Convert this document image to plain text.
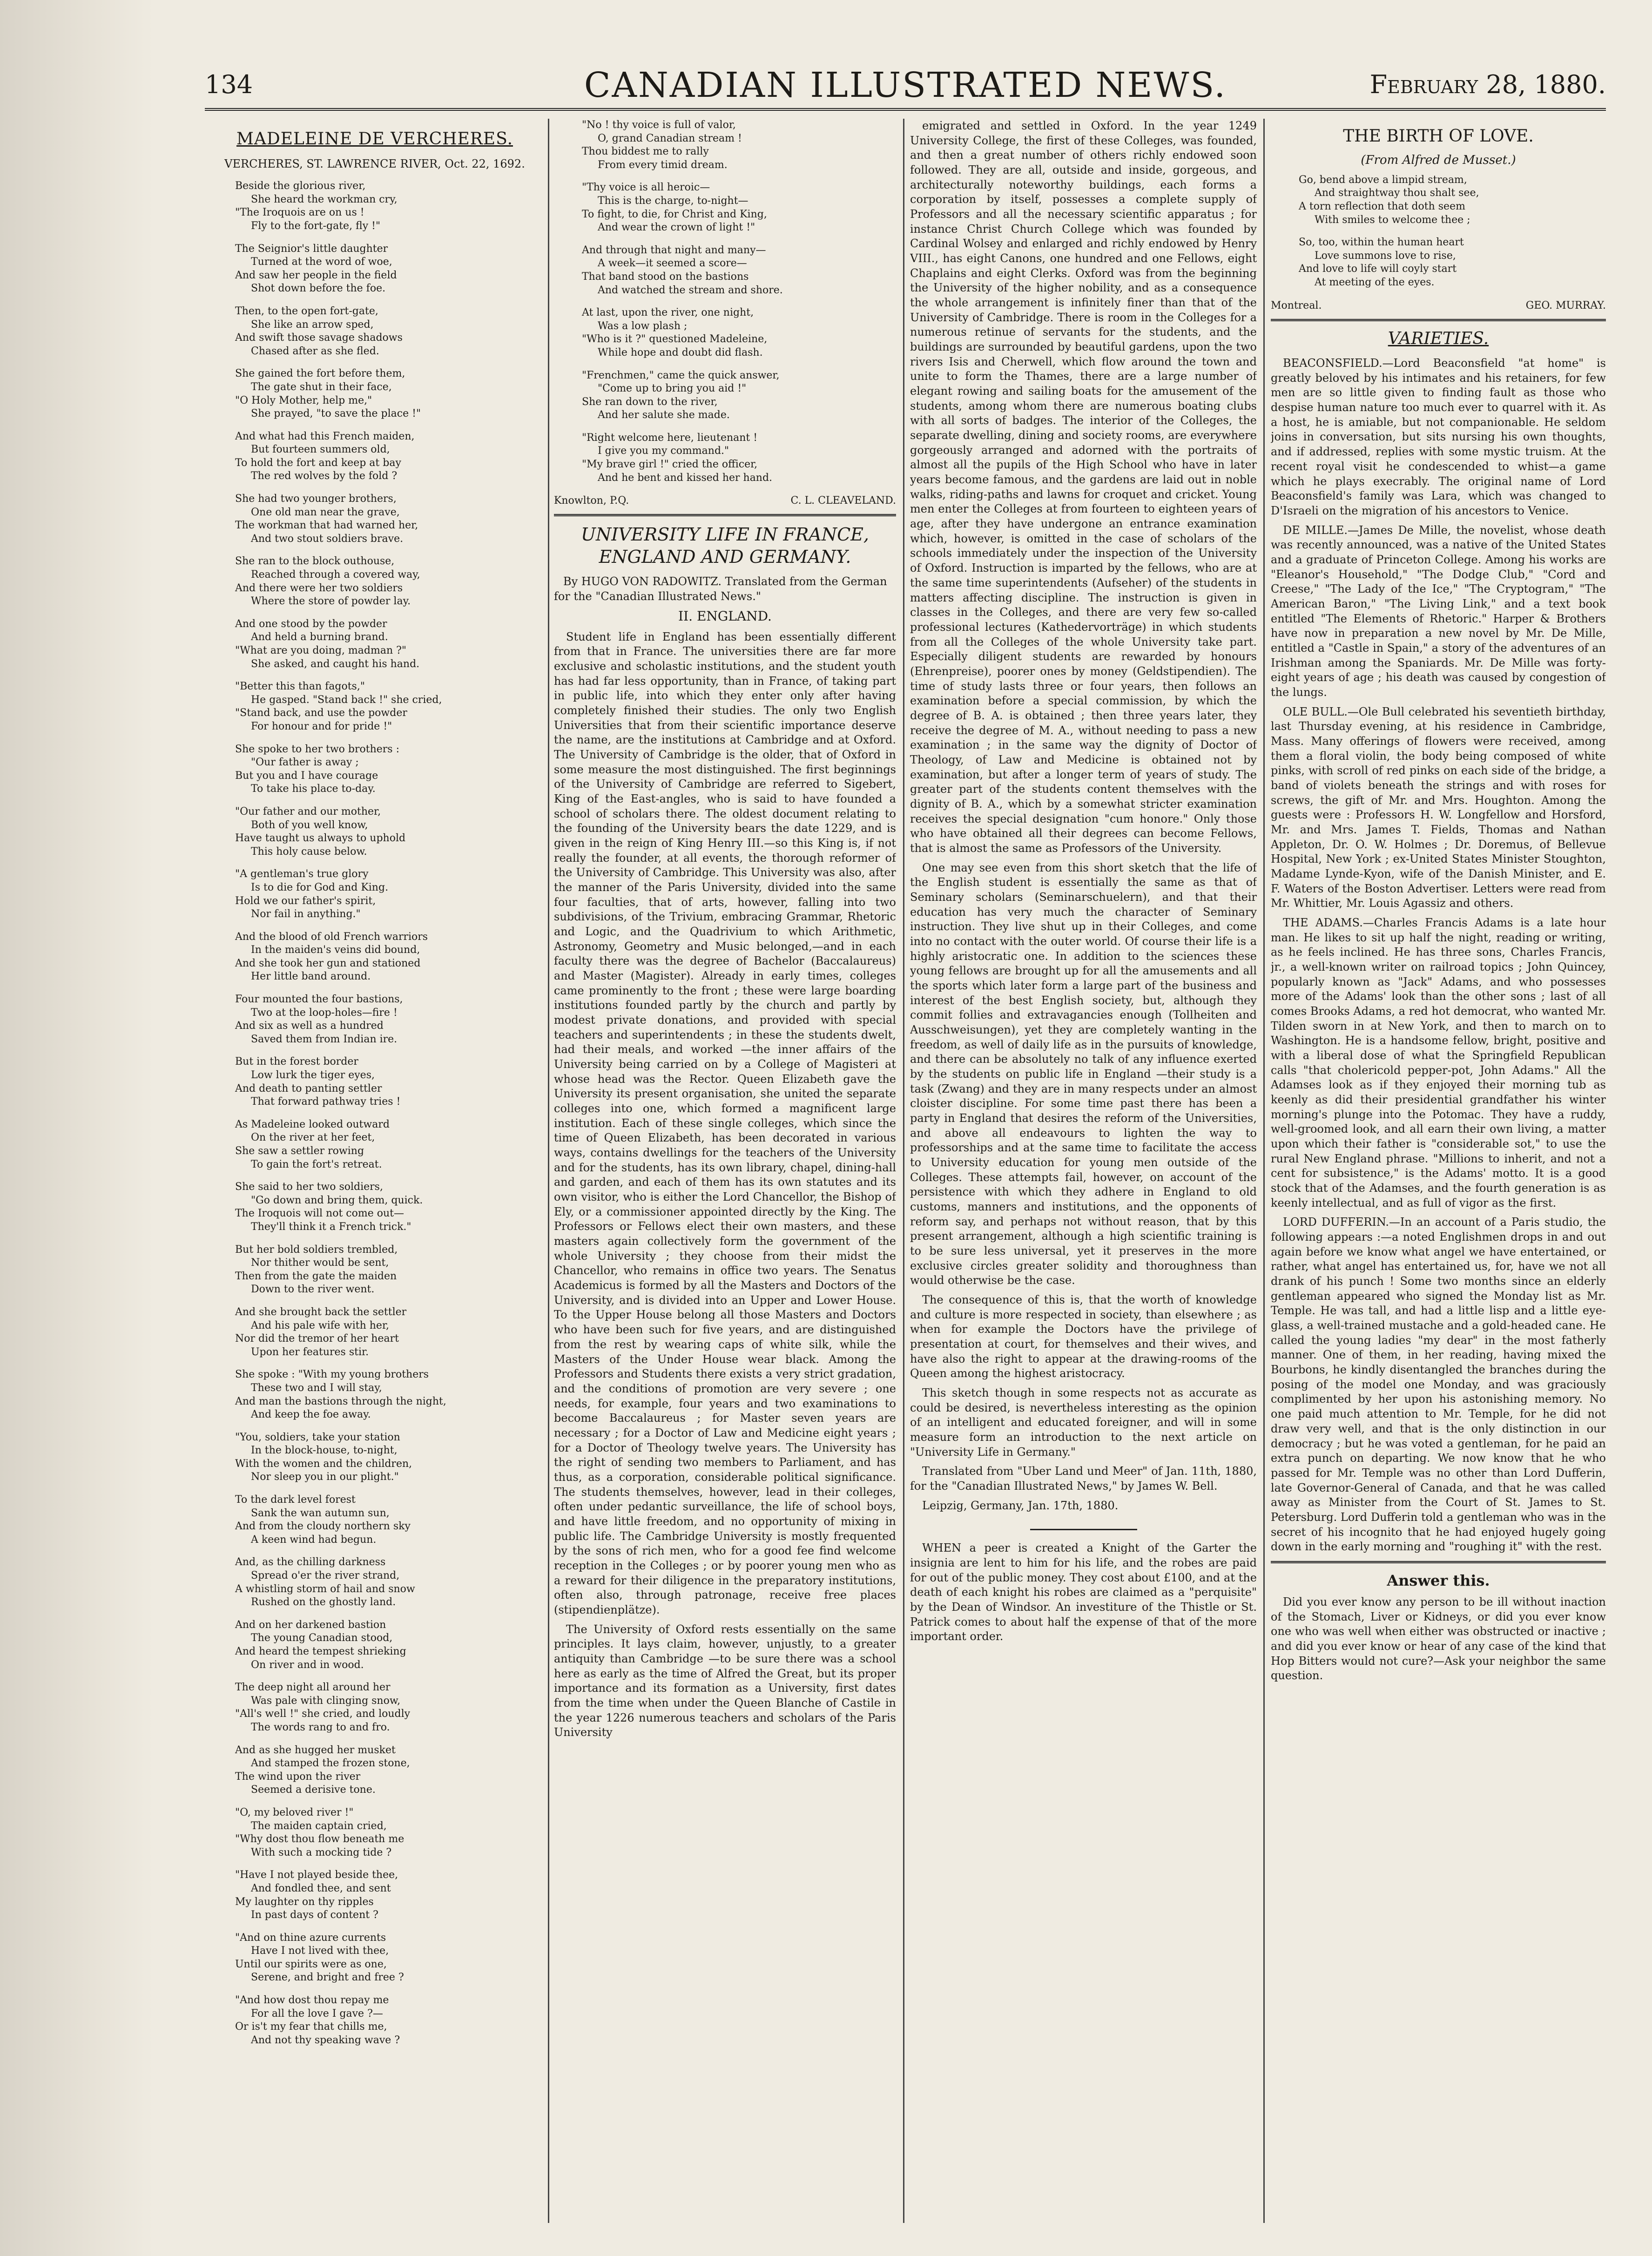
134	CANADIAN ILLUSTRATED NEWS.	February 28, 1880.
MADELEINE DE VERCHERES.
VERCHERES, ST. LAWRENCE RIVER, Oct. 22, 1692.
Beside the glorious river,
She heard the workman cry,
"The Iroquois are on us !
Fly to the fort-gate, fly !"
The Seignior's little daughter
Turned at the word of woe,
And saw her people in the field
Shot down before the foe.
Then, to the open fort-gate,
She like an arrow sped,
And swift those savage shadows
Chased after as she fled.
She gained the fort before them,
The gate shut in their face,
"O Holy Mother, help me,"
She prayed, "to save the place !"
And what had this French maiden,
But fourteen summers old,
To hold the fort and keep at bay
The red wolves by the fold ?
She had two younger brothers,
One old man near the grave,
The workman that had warned her,
And two stout soldiers brave.
She ran to the block outhouse,
Reached through a covered way,
And there were her two soldiers
Where the store of powder lay.
And one stood by the powder
And held a burning brand.
"What are you doing, madman ?"
She asked, and caught his hand.
"Better this than fagots,"
He gasped. "Stand back !" she cried,
"Stand back, and use the powder
For honour and for pride !"
She spoke to her two brothers :
"Our father is away ;
But you and I have courage
To take his place to-day.
"Our father and our mother,
Both of you well know,
Have taught us always to uphold
This holy cause below.
"A gentleman's true glory
Is to die for God and King.
Hold we our father's spirit,
Nor fail in anything."
And the blood of old French warriors
In the maiden's veins did bound,
And she took her gun and stationed
Her little band around.
Four mounted the four bastions,
Two at the loop-holes—fire !
And six as well as a hundred
Saved them from Indian ire.
But in the forest border
Low lurk the tiger eyes,
And death to panting settler
That forward pathway tries !
As Madeleine looked outward
On the river at her feet,
She saw a settler rowing
To gain the fort's retreat.
She said to her two soldiers,
"Go down and bring them, quick.
The Iroquois will not come out—
They'll think it a French trick."
But her bold soldiers trembled,
Nor thither would be sent,
Then from the gate the maiden
Down to the river went.
And she brought back the settler
And his pale wife with her,
Nor did the tremor of her heart
Upon her features stir.
She spoke : "With my young brothers
These two and I will stay,
And man the bastions through the night,
And keep the foe away.
"You, soldiers, take your station
In the block-house, to-night,
With the women and the children,
Nor sleep you in our plight."
To the dark level forest
Sank the wan autumn sun,
And from the cloudy northern sky
A keen wind had begun.
And, as the chilling darkness
Spread o'er the river strand,
A whistling storm of hail and snow
Rushed on the ghostly land.
And on her darkened bastion
The young Canadian stood,
And heard the tempest shrieking
On river and in wood.
The deep night all around her
Was pale with clinging snow,
"All's well !" she cried, and loudly
The words rang to and fro.
And as she hugged her musket
And stamped the frozen stone,
The wind upon the river
Seemed a derisive tone.
"O, my beloved river !"
The maiden captain cried,
"Why dost thou flow beneath me
With such a mocking tide ?
"Have I not played beside thee,
And fondled thee, and sent
My laughter on thy ripples
In past days of content ?
"And on thine azure currents
Have I not lived with thee,
Until our spirits were as one,
Serene, and bright and free ?
"And how dost thou repay me
For all the love I gave ?—
Or is't my fear that chills me,
And not thy speaking wave ?
"No ! thy voice is full of valor,
O, grand Canadian stream !
Thou biddest me to rally
From every timid dream.
"Thy voice is all heroic—
This is the charge, to-night—
To fight, to die, for Christ and King,
And wear the crown of light !"
And through that night and many—
A week—it seemed a score—
That band stood on the bastions
And watched the stream and shore.
At last, upon the river, one night,
Was a low plash ;
"Who is it ?" questioned Madeleine,
While hope and doubt did flash.
"Frenchmen," came the quick answer,
"Come up to bring you aid !"
She ran down to the river,
And her salute she made.
"Right welcome here, lieutenant !
I give you my command."
"My brave girl !" cried the officer,
And he bent and kissed her hand.
Knowlton, P.Q.	C. L. CLEAVELAND.
UNIVERSITY LIFE IN FRANCE, ENGLAND AND GERMANY.
By HUGO VON RADOWITZ. Translated from the German for the "Canadian Illustrated News."
II. ENGLAND.

Student life in England has been essentially different from that in France. The universities there are far more exclusive and scholastic institutions, and the student youth has had far less opportunity, than in France, of taking part in public life, into which they enter only after having completely finished their studies. The only two English Universities that from their scientific importance deserve the name, are the institutions at Cambridge and at Oxford. The University of Cambridge is the older, that of Oxford in some measure the most distinguished. The first beginnings of the University of Cambridge are referred to Sigebert, King of the East-angles, who is said to have founded a school of scholars there. The oldest document relating to the founding of the University bears the date 1229, and is given in the reign of King Henry III.—so this King is, if not really the founder, at all events, the thorough reformer of the University of Cambridge. This University was also, after the manner of the Paris University, divided into the same four faculties, that of arts, however, falling into two subdivisions, of the Trivium, embracing Grammar, Rhetoric and Logic, and the Quadrivium to which Arithmetic, Astronomy, Geometry and Music belonged,—and in each faculty there was the degree of Bachelor (Baccalaureus) and Master (Magister). Already in early times, colleges came prominently to the front ; these were large boarding institutions founded partly by the church and partly by modest private donations, and provided with special teachers and superintendents ; in these the students dwelt, had their meals, and worked —the inner affairs of the University being carried on by a College of Magisteri at whose head was the Rector. Queen Elizabeth gave the University its present organisation, she united the separate colleges into one, which formed a magnificent large institution. Each of these single colleges, which since the time of Queen Elizabeth, has been decorated in various ways, contains dwellings for the teachers of the University and for the students, has its own library, chapel, dining-hall and garden, and each of them has its own statutes and its own visitor, who is either the Lord Chancellor, the Bishop of Ely, or a commissioner appointed directly by the King. The Professors or Fellows elect their own masters, and these masters again collectively form the government of the whole University ; they choose from their midst the Chancellor, who remains in office two years. The Senatus Academicus is formed by all the Masters and Doctors of the University, and is divided into an Upper and Lower House. To the Upper House belong all those Masters and Doctors who have been such for five years, and are distinguished from the rest by wearing caps of white silk, while the Masters of the Under House wear black. Among the Professors and Students there exists a very strict gradation, and the conditions of promotion are very severe ; one needs, for example, four years and two examinations to become Baccalaureus ; for Master seven years are necessary ; for a Doctor of Law and Medicine eight years ; for a Doctor of Theology twelve years. The University has the right of sending two members to Parliament, and has thus, as a corporation, considerable political significance. The students themselves, however, lead in their colleges, often under pedantic surveillance, the life of school boys, and have little freedom, and no opportunity of mixing in public life. The Cambridge University is mostly frequented by the sons of rich men, who for a good fee find welcome reception in the Colleges ; or by poorer young men who as a reward for their diligence in the preparatory institutions, often also, through patronage, receive free places (stipendienplätze).

The University of Oxford rests essentially on the same principles. It lays claim, however, unjustly, to a greater antiquity than Cambridge —to be sure there was a school here as early as the time of Alfred the Great, but its proper importance and its formation as a University, first dates from the time when under the Queen Blanche of Castile in the year 1226 numerous teachers and scholars of the Paris University

emigrated and settled in Oxford. In the year 1249 University College, the first of these Colleges, was founded, and then a great number of others richly endowed soon followed. They are all, outside and inside, gorgeous, and architecturally noteworthy buildings, each forms a corporation by itself, possesses a complete supply of Professors and all the necessary scientific apparatus ; for instance Christ Church College which was founded by Cardinal Wolsey and enlarged and richly endowed by Henry VIII., has eight Canons, one hundred and one Fellows, eight Chaplains and eight Clerks. Oxford was from the beginning the University of the higher nobility, and as a consequence the whole arrangement is infinitely finer than that of the University of Cambridge. There is room in the Colleges for a numerous retinue of servants for the students, and the buildings are surrounded by beautiful gardens, upon the two rivers Isis and Cherwell, which flow around the town and unite to form the Thames, there are a large number of elegant rowing and sailing boats for the amusement of the students, among whom there are numerous boating clubs with all sorts of badges. The interior of the Colleges, the separate dwelling, dining and society rooms, are everywhere gorgeously arranged and adorned with the portraits of almost all the pupils of the High School who have in later years become famous, and the gardens are laid out in noble walks, riding-paths and lawns for croquet and cricket. Young men enter the Colleges at from fourteen to eighteen years of age, after they have undergone an entrance examination which, however, is omitted in the case of scholars of the schools immediately under the inspection of the University of Oxford. Instruction is imparted by the fellows, who are at the same time superintendents (Aufseher) of the students in matters affecting discipline. The instruction is given in classes in the Colleges, and there are very few so-called professional lectures (Kathedervorträge) in which students from all the Colleges of the whole University take part. Especially diligent students are rewarded by honours (Ehrenpreise), poorer ones by money (Geldstipendien). The time of study lasts three or four years, then follows an examination before a special commission, by which the degree of B. A. is obtained ; then three years later, they receive the degree of M. A., without needing to pass a new examination ; in the same way the dignity of Doctor of Theology, of Law and Medicine is obtained not by examination, but after a longer term of years of study. The greater part of the students content themselves with the dignity of B. A., which by a somewhat stricter examination receives the special designation "cum honore." Only those who have obtained all their degrees can become Fellows, that is almost the same as Professors of the University.

One may see even from this short sketch that the life of the English student is essentially the same as that of Seminary scholars (Seminarschuelern), and that their education has very much the character of Seminary instruction. They live shut up in their Colleges, and come into no contact with the outer world. Of course their life is a highly aristocratic one. In addition to the sciences these young fellows are brought up for all the amusements and all the sports which later form a large part of the business and interest of the best English society, but, although they commit follies and extravagancies enough (Tollheiten and Ausschweisungen), yet they are completely wanting in the freedom, as well of daily life as in the pursuits of knowledge, and there can be absolutely no talk of any influence exerted by the students on public life in England —their study is a task (Zwang) and they are in many respects under an almost cloister discipline. For some time past there has been a party in England that desires the reform of the Universities, and above all endeavours to lighten the way to professorships and at the same time to facilitate the access to University education for young men outside of the Colleges. These attempts fail, however, on account of the persistence with which they adhere in England to old customs, manners and institutions, and the opponents of reform say, and perhaps not without reason, that by this present arrangement, although a high scientific training is to be sure less universal, yet it preserves in the more exclusive circles greater solidity and thoroughness than would otherwise be the case.

The consequence of this is, that the worth of knowledge and culture is more respected in society, than elsewhere ; as when for example the Doctors have the privilege of presentation at court, for themselves and their wives, and have also the right to appear at the drawing-rooms of the Queen among the highest aristocracy.

This sketch though in some respects not as accurate as could be desired, is nevertheless interesting as the opinion of an intelligent and educated foreigner, and will in some measure form an introduction to the next article on "University Life in Germany."

Translated from "Uber Land und Meer" of Jan. 11th, 1880, for the "Canadian Illustrated News," by James W. Bell.

Leipzig, Germany, Jan. 17th, 1880.

WHEN a peer is created a Knight of the Garter the insignia are lent to him for his life, and the robes are paid for out of the public money. They cost about £100, and at the death of each knight his robes are claimed as a "perquisite" by the Dean of Windsor. An investiture of the Thistle or St. Patrick comes to about half the expense of that of the more important order.

THE BIRTH OF LOVE.
(From Alfred de Musset.)
Go, bend above a limpid stream,
And straightway thou shalt see,
A torn reflection that doth seem
With smiles to welcome thee ;
So, too, within the human heart
Love summons love to rise,
And love to life will coyly start
At meeting of the eyes.
Montreal.	GEO. MURRAY.
VARIETIES.

BEACONSFIELD.—Lord Beaconsfield "at home" is greatly beloved by his intimates and his retainers, for few men are so little given to finding fault as those who despise human nature too much ever to quarrel with it. As a host, he is amiable, but not companionable. He seldom joins in conversation, but sits nursing his own thoughts, and if addressed, replies with some mystic truism. At the recent royal visit he condescended to whist—a game which he plays execrably. The original name of Lord Beaconsfield's family was Lara, which was changed to D'Israeli on the migration of his ancestors to Venice.

DE MILLE.—James De Mille, the novelist, whose death was recently announced, was a native of the United States and a graduate of Princeton College. Among his works are "Eleanor's Household," "The Dodge Club," "Cord and Creese," "The Lady of the Ice," "The Cryptogram," "The American Baron," "The Living Link," and a text book entitled "The Elements of Rhetoric." Harper & Brothers have now in preparation a new novel by Mr. De Mille, entitled a "Castle in Spain," a story of the adventures of an Irishman among the Spaniards. Mr. De Mille was forty-eight years of age ; his death was caused by congestion of the lungs.

OLE BULL.—Ole Bull celebrated his seventieth birthday, last Thursday evening, at his residence in Cambridge, Mass. Many offerings of flowers were received, among them a floral violin, the body being composed of white pinks, with scroll of red pinks on each side of the bridge, a band of violets beneath the strings and with roses for screws, the gift of Mr. and Mrs. Houghton. Among the guests were : Professors H. W. Longfellow and Horsford, Mr. and Mrs. James T. Fields, Thomas and Nathan Appleton, Dr. O. W. Holmes ; Dr. Doremus, of Bellevue Hospital, New York ; ex-United States Minister Stoughton, Madame Lynde-Kyon, wife of the Danish Minister, and E. F. Waters of the Boston Advertiser. Letters were read from Mr. Whittier, Mr. Louis Agassiz and others.

THE ADAMS.—Charles Francis Adams is a late hour man. He likes to sit up half the night, reading or writing, as he feels inclined. He has three sons, Charles Francis, jr., a well-known writer on railroad topics ; John Quincey, popularly known as "Jack" Adams, and who possesses more of the Adams' look than the other sons ; last of all comes Brooks Adams, a red hot democrat, who wanted Mr. Tilden sworn in at New York, and then to march on to Washington. He is a handsome fellow, bright, positive and with a liberal dose of what the Springfield Republican calls "that cholericold pepper-pot, John Adams." All the Adamses look as if they enjoyed their morning tub as keenly as did their presidential grandfather his winter morning's plunge into the Potomac. They have a ruddy, well-groomed look, and all earn their own living, a matter upon which their father is "considerable sot," to use the rural New England phrase. "Millions to inherit, and not a cent for subsistence," is the Adams' motto. It is a good stock that of the Adamses, and the fourth generation is as keenly intellectual, and as full of vigor as the first.

LORD DUFFERIN.—In an account of a Paris studio, the following appears :—a noted Englishmen drops in and out again before we know what angel we have entertained, or rather, what angel has entertained us, for, have we not all drank of his punch ! Some two months since an elderly gentleman appeared who signed the Monday list as Mr. Temple. He was tall, and had a little lisp and a little eye-glass, a well-trained mustache and a gold-headed cane. He called the young ladies "my dear" in the most fatherly manner. One of them, in her reading, having mixed the Bourbons, he kindly disentangled the branches during the posing of the model one Monday, and was graciously complimented by her upon his astonishing memory. No one paid much attention to Mr. Temple, for he did not draw very well, and that is the only distinction in our democracy ; but he was voted a gentleman, for he paid an extra punch on departing. We now know that he who passed for Mr. Temple was no other than Lord Dufferin, late Governor-General of Canada, and that he was called away as Minister from the Court of St. James to St. Petersburg. Lord Dufferin told a gentleman who was in the secret of his incognito that he had enjoyed hugely going down in the early morning and "roughing it" with the rest.

Answer this.

Did you ever know any person to be ill without inaction of the Stomach, Liver or Kidneys, or did you ever know one who was well when either was obstructed or inactive ; and did you ever know or hear of any case of the kind that Hop Bitters would not cure?—Ask your neighbor the same question.
